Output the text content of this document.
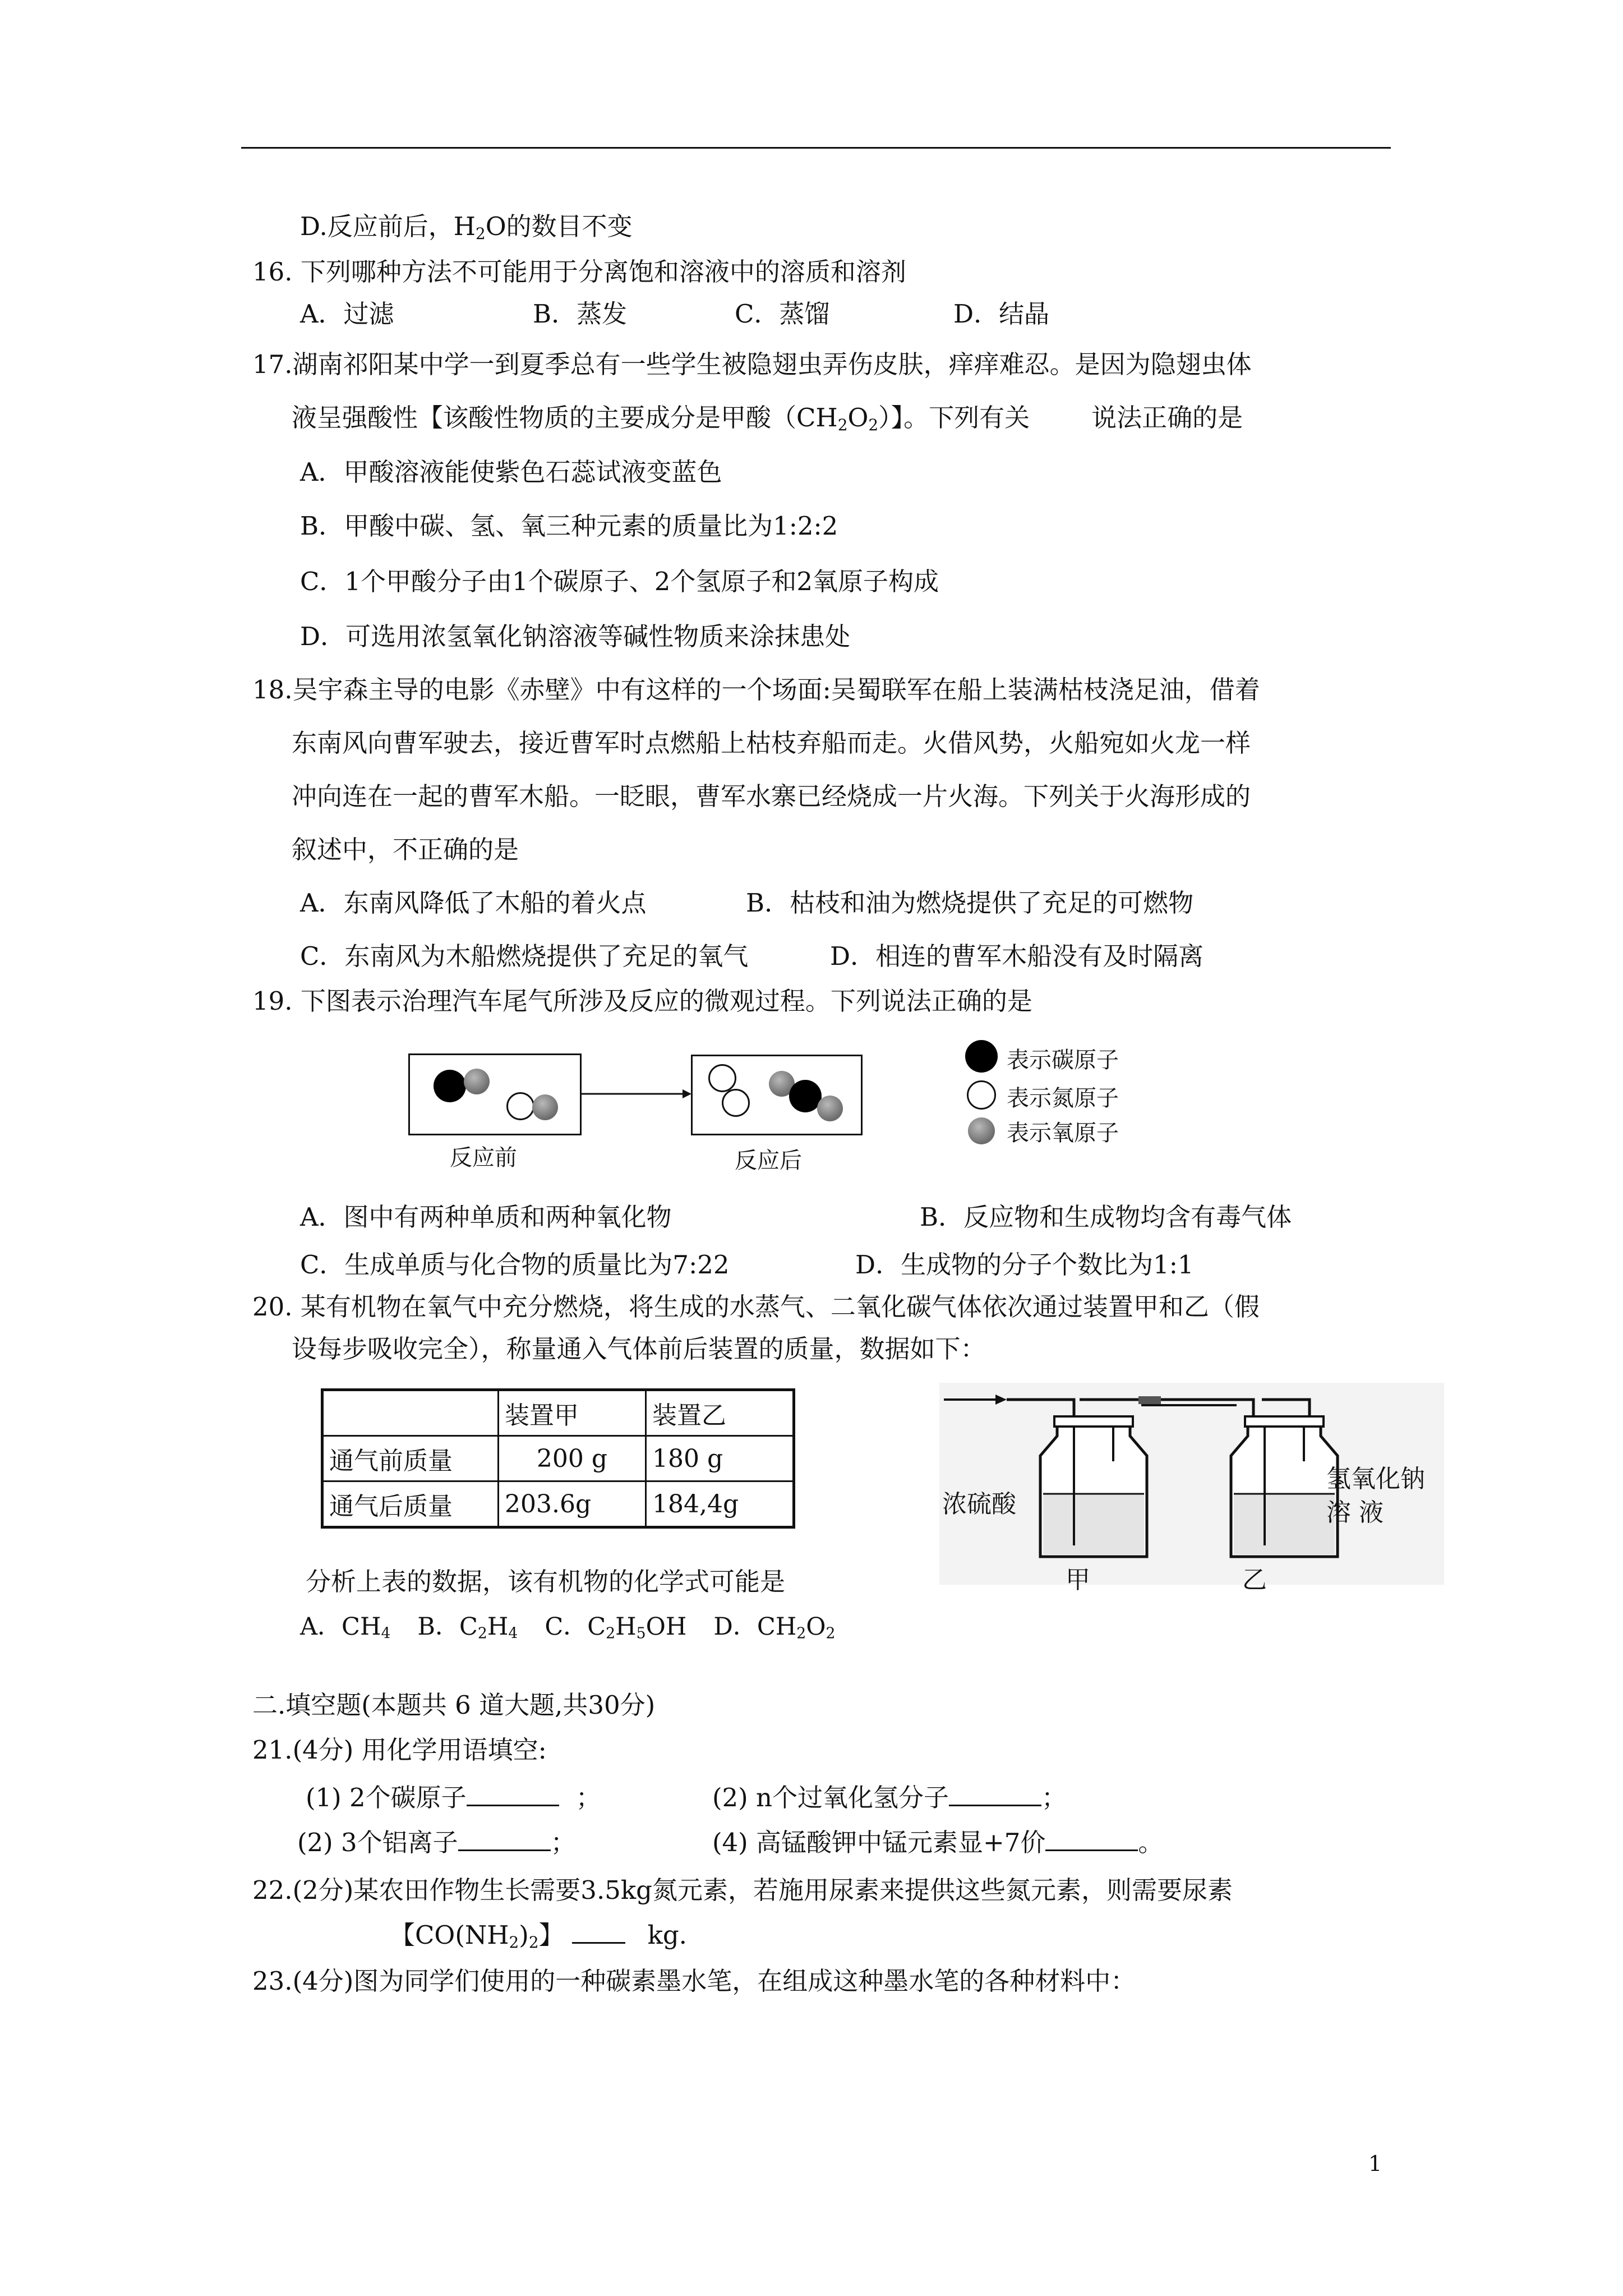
D.反应前后，$H_2O$的数目不变
16. 下列哪种方法不可能用于分离饱和溶液中的溶质和溶剂
A．过滤	B．蒸发	C．蒸馏	D．结晶
17.湖南祁阳某中学一到夏季总有一些学生被隐翅虫弄伤皮肤，痒痒难忍。是因为隐翅虫体
液呈强酸性【该酸性物质的主要成分是甲酸$(CH_2O_2)$】。下列有关 说法正确的是
A．甲酸溶液能使紫色石蕊试液变蓝色
B．甲酸中碳、氢、氧三种元素的质量比为1:2:2
C．1个甲酸分子由1个碳原子、2个氢原子和2氧原子构成
D．可选用浓氢氧化钠溶液等碱性物质来涂抹患处
18.吴宇森主导的电影《赤壁》中有这样的一个场面:吴蜀联军在船上装满枯枝浇足油，借着
东南风向曹军驶去，接近曹军时点燃船上枯枝弃船而走。火借风势，火船宛如火龙一样
冲向连在一起的曹军木船。一眨眼，曹军水寨已经烧成一片火海。下列关于火海形成的
叙述中，不正确的是
A．东南风降低了木船的着火点	B．枯枝和油为燃烧提供了充足的可燃物
C．东南风为木船燃烧提供了充足的氧气	D．相连的曹军木船没有及时隔离
19. 下图表示治理汽车尾气所涉及反应的微观过程。下列说法正确的是
反应前	反应后
表示碳原子
表示氮原子
表示氧原子
A．图中有两种单质和两种氧化物	B．反应物和生成物均含有毒气体
C．生成单质与化合物的质量比为7:22	D．生成物的分子个数比为1:1
20. 某有机物在氧气中充分燃烧，将生成的水蒸气、二氧化碳气体依次通过装置甲和乙（假
设每步吸收完全），称量通入气体前后装置的质量，数据如下：
	装置甲	装置乙
通气前质量	200 g	180 g
通气后质量	203.6g	184,4g	浓硫酸
氢氧化钠
溶 液
甲	乙
分析上表的数据，该有机物的化学式可能是
A．$CH_4$ B．$C_2H_4$ C．$C_2H_5OH$ D．$CH_2O_2$
二.填空题(本题共 6 道大题,共30分)
21.(4分) 用化学用语填空:
(1) 2个碳原子	；	(2) n个过氧化氢分子	；
(2) 3个铝离子	；	(4) 高锰酸钾中锰元素显+7价	。
22.(2分)某农田作物生长需要3.5kg氮元素，若施用尿素来提供这些氮元素，则需要尿素
【$CO(NH_2)_2$】	kg.
23.(4分)图为同学们使用的一种碳素墨水笔，在组成这种墨水笔的各种材料中：
1
